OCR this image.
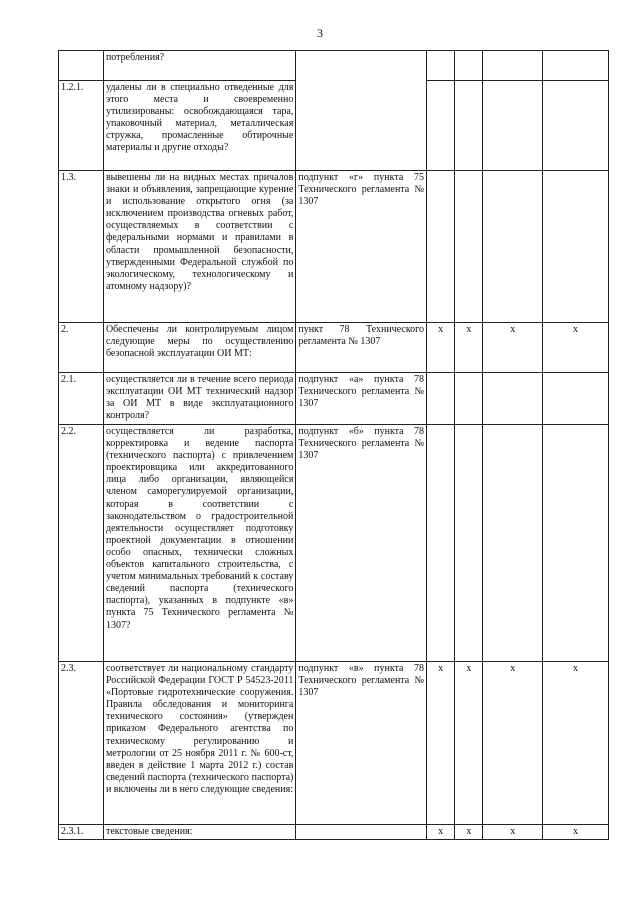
3
	потребления?					
1.2.1.	удалены ли в специально отведенные для этого места и своевременно утилизированы: освобождающаяся тара, упаковочный материал, металлическая стружка, промасленные обтирочные материалы и другие отходы?					
1.3.	вывешены ли на видных местах причалов знаки и объявления, запрещающие курение и использование открытого огня (за исключением производства огневых работ, осуществляемых в соответствии с федеральными нормами и правилами в области промышленной безопасности, утвержденными Федеральной службой по экологическому, технологическому и атомному надзору)?	подпункт «г» пункта 75 Технического регламента № 1307				
2.	Обеспечены ли контролируемым лицом следующие меры по осуществлению безопасной эксплуатации ОИ МТ:	пункт 78 Технического регламента № 1307	x	x	x	x
2.1.	осуществляется ли в течение всего периода эксплуатации ОИ МТ технический надзор за ОИ МТ в виде эксплуатационного контроля?	подпункт «а» пункта 78 Технического регламента № 1307				
2.2.	осуществляется ли разработка, корректировка и ведение паспорта (технического паспорта) с привлечением проектировщика или аккредитованного лица либо организации, являющейся членом саморегулируемой организации, которая в соответствии с законодательством о градостроительной деятельности осуществляет подготовку проектной документации в отношении особо опасных, технически сложных объектов капитального строительства, с учетом минимальных требований к составу сведений паспорта (технического паспорта), указанных в подпункте «в» пункта 75 Технического регламента № 1307?	подпункт «б» пункта 78 Технического регламента № 1307				
2.3.	соответствует ли национальному стандарту Российской Федерации ГОСТ Р 54523-2011 «Портовые гидротехнические сооружения. Правила обследования и мониторинга технического состояния» (утвержден приказом Федерального агентства по техническому регулированию и метрологии от 25 ноября 2011 г. № 600-ст, введен в действие 1 марта 2012 г.) состав сведений паспорта (технического паспорта) и включены ли в него следующие сведения:	подпункт «в» пункта 78 Технического регламента № 1307	x	x	x	x
2.3.1.	текстовые сведения:		x	x	x	x
